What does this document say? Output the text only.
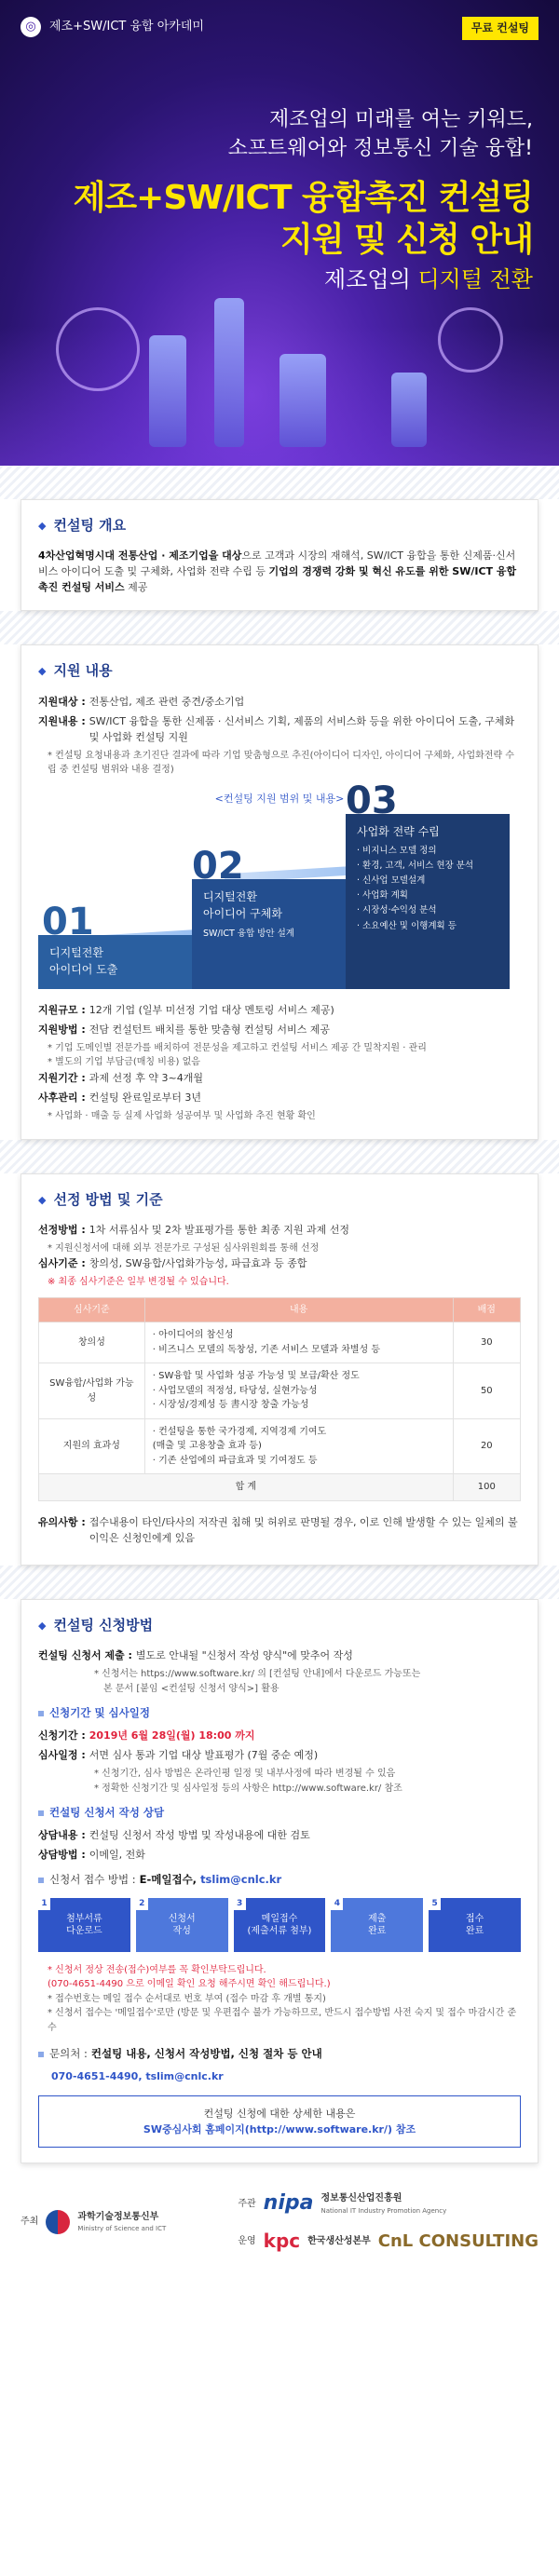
◎	제조+SW/ICT 융합 아카데미	무료 컨설팅
제조업의 미래를 여는 키워드,
소프트웨어와 정보통신 기술 융합!
제조+SW/ICT 융합촉진 컨설팅
지원 및 신청 안내
제조업의 디지털 전환
◆ 컨설팅 개요

4차산업혁명시대 전통산업 · 제조기업을 대상으로 고객과 시장의 재해석, SW/ICT 융합을 통한 신제품·신서비스 아이디어 도출 및 구체화, 사업화 전략 수립 등 기업의 경쟁력 강화 및 혁신 유도를 위한 SW/ICT 융합촉진 컨설팅 서비스 제공

◆ 지원 내용
지원대상 : 전통산업, 제조 관련 중견/중소기업
지원내용 : SW/ICT 융합을 통한 신제품 · 신서비스 기획, 제품의 서비스화 등을 위한 아이디어 도출, 구체화 및 사업화 컨설팅 지원
* 컨설팅 요청내용과 초기진단 결과에 따라 기업 맞춤형으로 추진(아이디어 디자인, 아이디어 구체화, 사업화전략 수립 중 컨설팅 범위와 내용 결정)
<컨설팅 지원 범위 및 내용>
01
디지털전환
아이디어 도출
02
디지털전환
아이디어 구체화
SW/ICT 융합 방안 설계
03
사업화 전략 수립
· 비지니스 모델 정의
· 환경, 고객, 서비스 현장 분석
· 신사업 모델설계
· 사업화 계획
· 시장성·수익성 분석
· 소요예산 및 이행계획 등
지원규모 : 12개 기업 (일부 미선정 기업 대상 멘토링 서비스 제공)
지원방법 : 전담 컨설턴트 배치를 통한 맞춤형 컨설팅 서비스 제공
* 기업 도메인별 전문가를 배치하여 전문성을 제고하고 컨설팅 서비스 제공 간 밀착지원 · 관리
* 별도의 기업 부담금(매칭 비용) 없음
지원기간 : 과제 선정 후 약 3~4개월
사후관리 : 컨설팅 완료일로부터 3년
* 사업화 · 매출 등 실제 사업화 성공여부 및 사업화 추진 현황 확인
◆ 선정 방법 및 기준
선정방법 : 1차 서류심사 및 2차 발표평가를 통한 최종 지원 과제 선정
* 지원신청서에 대해 외부 전문가로 구성된 심사위원회를 통해 선정
심사기준 : 창의성, SW융합/사업화가능성, 파급효과 등 종합
※ 최종 심사기준은 일부 변경될 수 있습니다.
심사기준	내용	배점
창의성	· 아이디어의 참신성
· 비즈니스 모델의 독창성, 기존 서비스 모델과 차별성 등	30
SW융합/사업화 가능성	· SW융합 및 사업화 성공 가능성 및 보급/확산 정도
· 사업모델의 적정성, 타당성, 실현가능성
· 시장성/경제성 등 書시장 창출 가능성	50
지원의 효과성	· 컨설팅을 통한 국가경제, 지역경제 기여도
(매출 및 고용창출 효과 등)
· 기존 산업에의 파급효과 및 기여정도 등	20
합 계		100
유의사항 : 접수내용이 타인/타사의 저작권 침해 및 허위로 판명될 경우, 이로 인해 발생할 수 있는 일체의 불이익은 신청인에게 있음
◆ 컨설팅 신청방법
컨설팅 신청서 제출 : 별도로 안내될 "신청서 작성 양식"에 맞추어 작성
* 신청서는 https://www.software.kr/ 의 [컨설팅 안내]에서 다운로드 가능또는
본 문서 [붙임 <컨설팅 신청서 양식>] 활용
신청기간 및 심사일정
신청기간 : 2019년 6월 28일(월) 18:00 까지
심사일정 : 서면 심사 통과 기업 대상 발표평가 (7월 중순 예정)
* 신청기간, 심사 방법은 온라인평 일정 및 내부사정에 따라 변경될 수 있음
* 정확한 신청기간 및 심사일정 등의 사항은 http://www.software.kr/ 참조
컨설팅 신청서 작성 상담
상담내용 : 컨설팅 신청서 작성 방법 및 작성내용에 대한 검토
상담방법 : 이메일, 전화
신청서 접수 방법 : E-메일접수, tslim@cnlc.kr
1
첨부서류
다운로드
2
신청서
작성
3
메일접수
(제출서류 첨부)
4
제출
완료
5
접수
완료
* 신청서 정상 전송(접수)여부를 꼭 확인부탁드립니다.
(070-4651-4490 으로 이메일 확인 요청 해주시면 확인 해드립니다.)
* 접수번호는 메일 접수 순서대로 번호 부여 (접수 마감 후 개별 통지)
* 신청서 접수는 '메일접수'로만 (방문 및 우편접수 불가 가능하므로, 반드시 접수방법 사전 숙지 및 접수 마감시간 준수
문의처 : 컨설팅 내용, 신청서 작성방법, 신청 절차 등 안내
070-4651-4490, tslim@cnlc.kr
컨설팅 신청에 대한 상세한 내용은
SW중심사회 홈페이지(http://www.software.kr/) 참조
주최	과학기술정보통신부
Ministry of Science and ICT
주관 nipa 정보통신산업진흥원
National IT Industry Promotion Agency
운영 kpc 한국생산성본부 CnL CONSULTING
